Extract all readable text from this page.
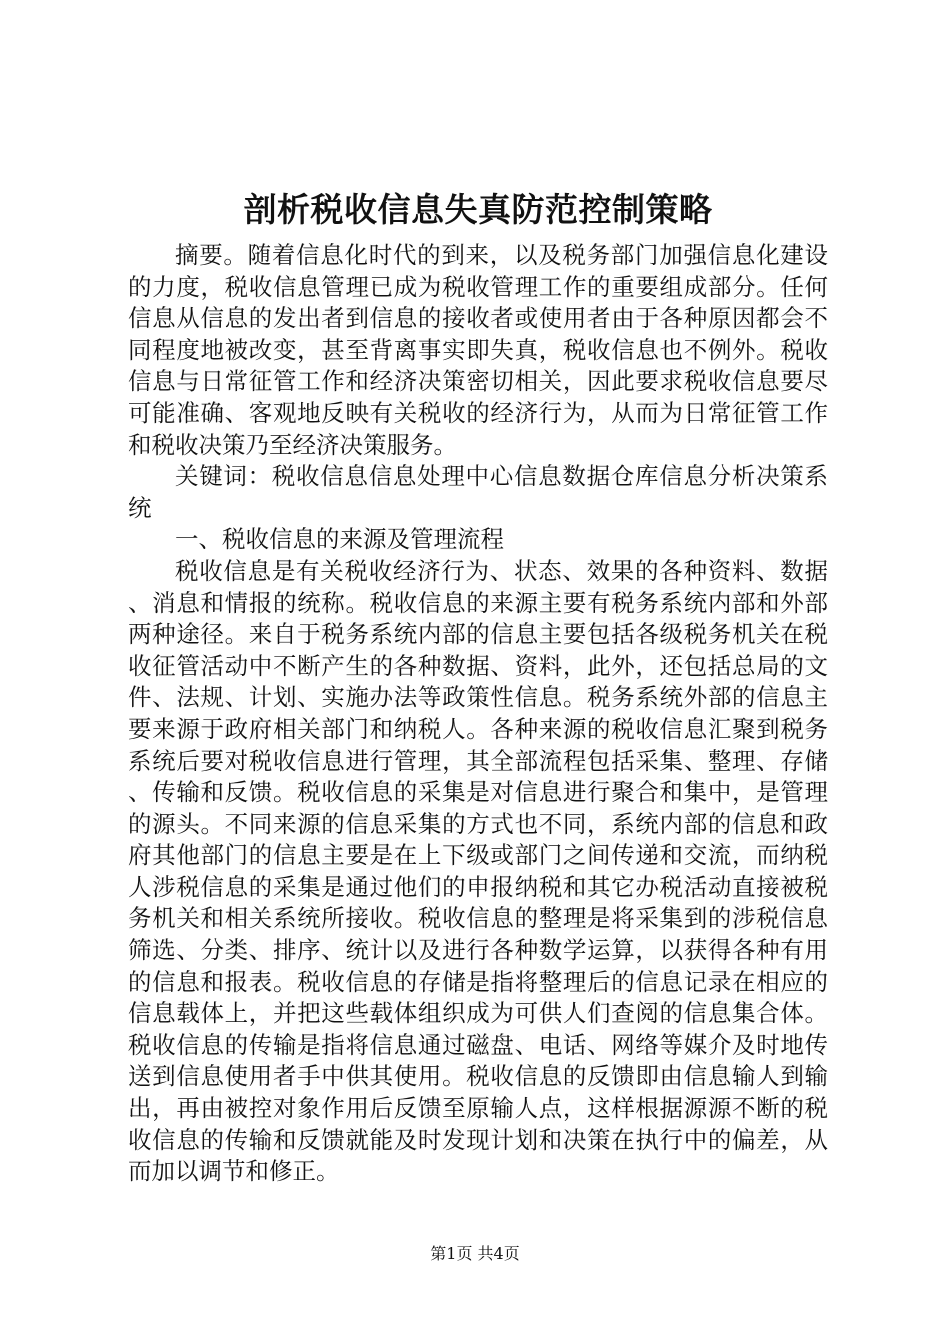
剖析税收信息失真防范控制策略

摘要。随着信息化时代的到来，以及税务部门加强信息化建设的力度，税收信息管理已成为税收管理工作的重要组成部分。任何信息从信息的发出者到信息的接收者或使用者由于各种原因都会不同程度地被改变，甚至背离事实即失真，税收信息也不例外。税收信息与日常征管工作和经济决策密切相关，因此要求税收信息要尽可能准确、客观地反映有关税收的经济行为，从而为日常征管工作和税收决策乃至经济决策服务。

关键词：税收信息信息处理中心信息数据仓库信息分析决策系统

一、税收信息的来源及管理流程

税收信息是有关税收经济行为、状态、效果的各种资料、数据、消息和情报的统称。税收信息的来源主要有税务系统内部和外部两种途径。来自于税务系统内部的信息主要包括各级税务机关在税收征管活动中不断产生的各种数据、资料，此外，还包括总局的文件、法规、计划、实施办法等政策性信息。税务系统外部的信息主要来源于政府相关部门和纳税人。各种来源的税收信息汇聚到税务系统后要对税收信息进行管理，其全部流程包括采集、整理、存储、传输和反馈。税收信息的采集是对信息进行聚合和集中，是管理的源头。不同来源的信息采集的方式也不同，系统内部的信息和政府其他部门的信息主要是在上下级或部门之间传递和交流，而纳税人涉税信息的采集是通过他们的申报纳税和其它办税活动直接被税务机关和相关系统所接收。税收信息的整理是将采集到的涉税信息筛选、分类、排序、统计以及进行各种数学运算，以获得各种有用的信息和报表。税收信息的存储是指将整理后的信息记录在相应的信息载体上，并把这些载体组织成为可供人们查阅的信息集合体。税收信息的传输是指将信息通过磁盘、电话、网络等媒介及时地传送到信息使用者手中供其使用。税收信息的反馈即由信息输人到输出，再由被控对象作用后反馈至原输人点，这样根据源源不断的税收信息的传输和反馈就能及时发现计划和决策在执行中的偏差，从而加以调节和修正。

第1页 共4页
